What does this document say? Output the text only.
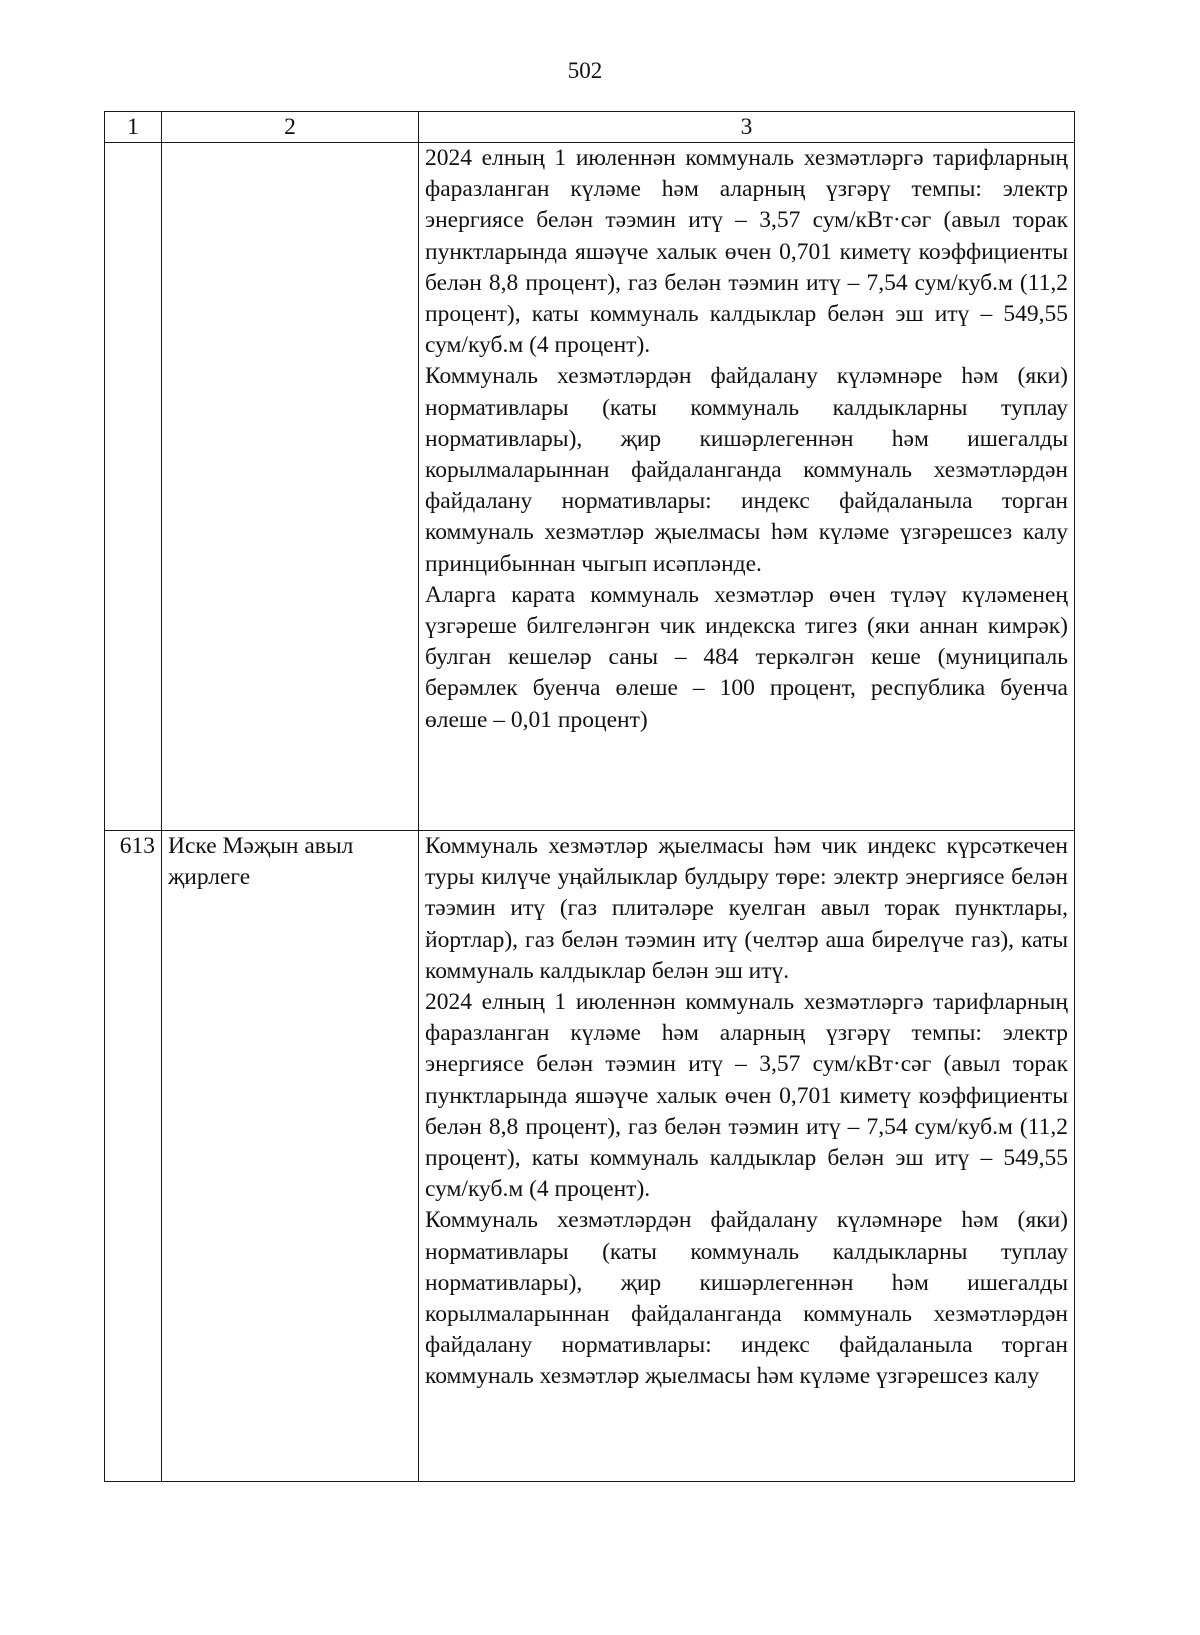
502
1	2	3

		2024 елның 1 июленнән коммуналь хезмәтләргә тарифларның фаразланган күләме һәм аларның үзгәрү темпы: электр энергиясе белән тәэмин итү – 3,57 сум/кВт·сәг (авыл торак пунктларында яшәүче халык өчен 0,701 киметү коэффициенты белән 8,8 процент), газ белән тәэмин итү – 7,54 сум/куб.м (11,2 процент), каты коммуналь калдыклар белән эш итү – 549,55 сум/куб.м (4 процент).

Коммуналь хезмәтләрдән файдалану күләмнәре һәм (яки) нормативлары (каты коммуналь калдыкларны туплау нормативлары), җир кишәрлегеннән һәм ишегалды корылмаларыннан файдаланганда коммуналь хезмәтләрдән файдалану нормативлары: индекс файдаланыла торган коммуналь хезмәтләр җыелмасы һәм күләме үзгәрешсез калу принцибыннан чыгып исәпләнде.

Аларга карата коммуналь хезмәтләр өчен түләү күләменең үзгәреше билгеләнгән чик индекска тигез (яки аннан кимрәк) булган кешеләр саны – 484 теркәлгән кеше (муниципаль берәмлек буенча өлеше – 100 процент, республика буенча өлеше – 0,01 процент)

613	Иске Мәҗын авыл җирлеге	Коммуналь хезмәтләр җыелмасы һәм чик индекс күрсәткечен туры килүче уңайлыклар булдыру төре: электр энергиясе белән тәэмин итү (газ плитәләре куелган авыл торак пунктлары, йортлар), газ белән тәэмин итү (челтәр аша бирелүче газ), каты коммуналь калдыклар белән эш итү.

2024 елның 1 июленнән коммуналь хезмәтләргә тарифларның фаразланган күләме һәм аларның үзгәрү темпы: электр энергиясе белән тәэмин итү – 3,57 сум/кВт·сәг (авыл торак пунктларында яшәүче халык өчен 0,701 киметү коэффициенты белән 8,8 процент), газ белән тәэмин итү – 7,54 сум/куб.м (11,2 процент), каты коммуналь калдыклар белән эш итү – 549,55 сум/куб.м (4 процент).

Коммуналь хезмәтләрдән файдалану күләмнәре һәм (яки) нормативлары (каты коммуналь калдыкларны туплау нормативлары), җир кишәрлегеннән һәм ишегалды корылмаларыннан файдаланганда коммуналь хезмәтләрдән файдалану нормативлары: индекс файдаланыла торган коммуналь хезмәтләр җыелмасы һәм күләме үзгәрешсез калу
